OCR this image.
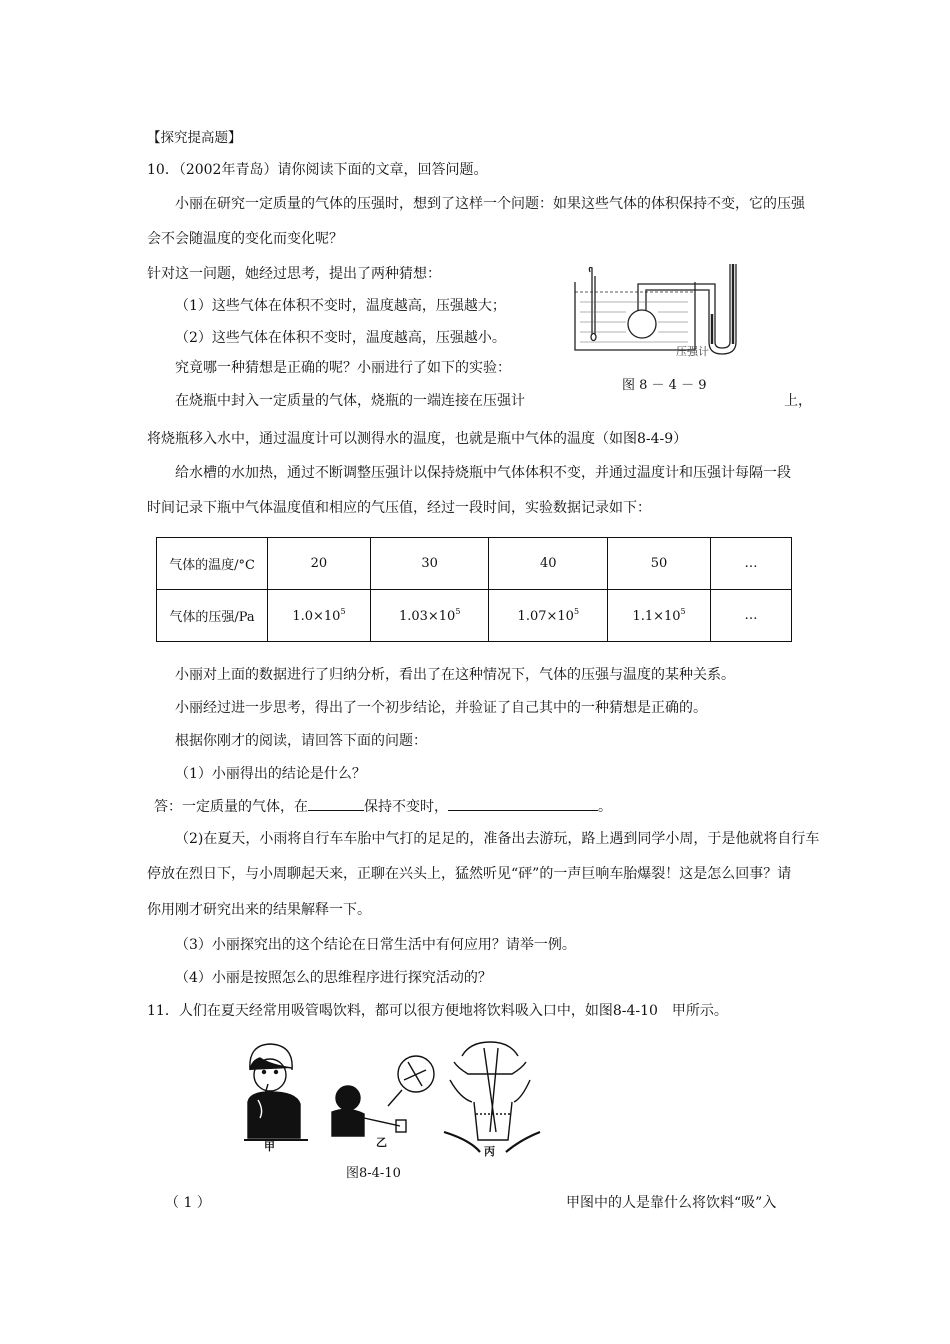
【探究提高题】
10．（2002年青岛）请你阅读下面的文章，回答问题。
小丽在研究一定质量的气体的压强时，想到了这样一个问题：如果这些气体的体积保持不变，它的压强
会不会随温度的变化而变化呢？
针对这一问题，她经过思考，提出了两种猜想：
（1）这些气体在体积不变时，温度越高，压强越大；
（2）这些气体在体积不变时，温度越高，压强越小。
究竟哪一种猜想是正确的呢？小丽进行了如下的实验：
在烧瓶中封入一定质量的气体，烧瓶的一端连接在压强计	上，
将烧瓶移入水中，通过温度计可以测得水的温度，也就是瓶中气体的温度（如图8-4-9）
给水槽的水加热，通过不断调整压强计以保持烧瓶中气体体积不变，并通过温度计和压强计每隔一段
时间记录下瓶中气体温度值和相应的气压值，经过一段时间，实验数据记录如下：
压强计
图 8 － 4 － 9
气体的温度/°C	20	30	40	50	…
气体的压强/Pa	$1.0\times 10^5$	$1.03\times 10^5$	$1.07\times 10^5$	$1.1\times 10^5$	…
小丽对上面的数据进行了归纳分析，看出了在这种情况下，气体的压强与温度的某种关系。
小丽经过进一步思考，得出了一个初步结论，并验证了自己其中的一种猜想是正确的。
根据你刚才的阅读，请回答下面的问题：
（1）小丽得出的结论是什么？
答：一定质量的气体，在	保持不变时，	。
（2)在夏天，小雨将自行车车胎中气打的足足的，准备出去游玩，路上遇到同学小周，于是他就将自行车
停放在烈日下，与小周聊起天来，正聊在兴头上，猛然听见“砰”的一声巨响车胎爆裂！这是怎么回事？请
你用刚才研究出来的结果解释一下。
（3）小丽探究出的这个结论在日常生活中有何应用？请举一例。
（4）小丽是按照怎么的思维程序进行探究活动的？
11．人们在夏天经常用吸管喝饮料，都可以很方便地将饮料吸入口中，如图8-4-10　甲所示。
甲	乙
丙
图8-4-10
（ 1 ）	甲图中的人是靠什么将饮料“吸”入
